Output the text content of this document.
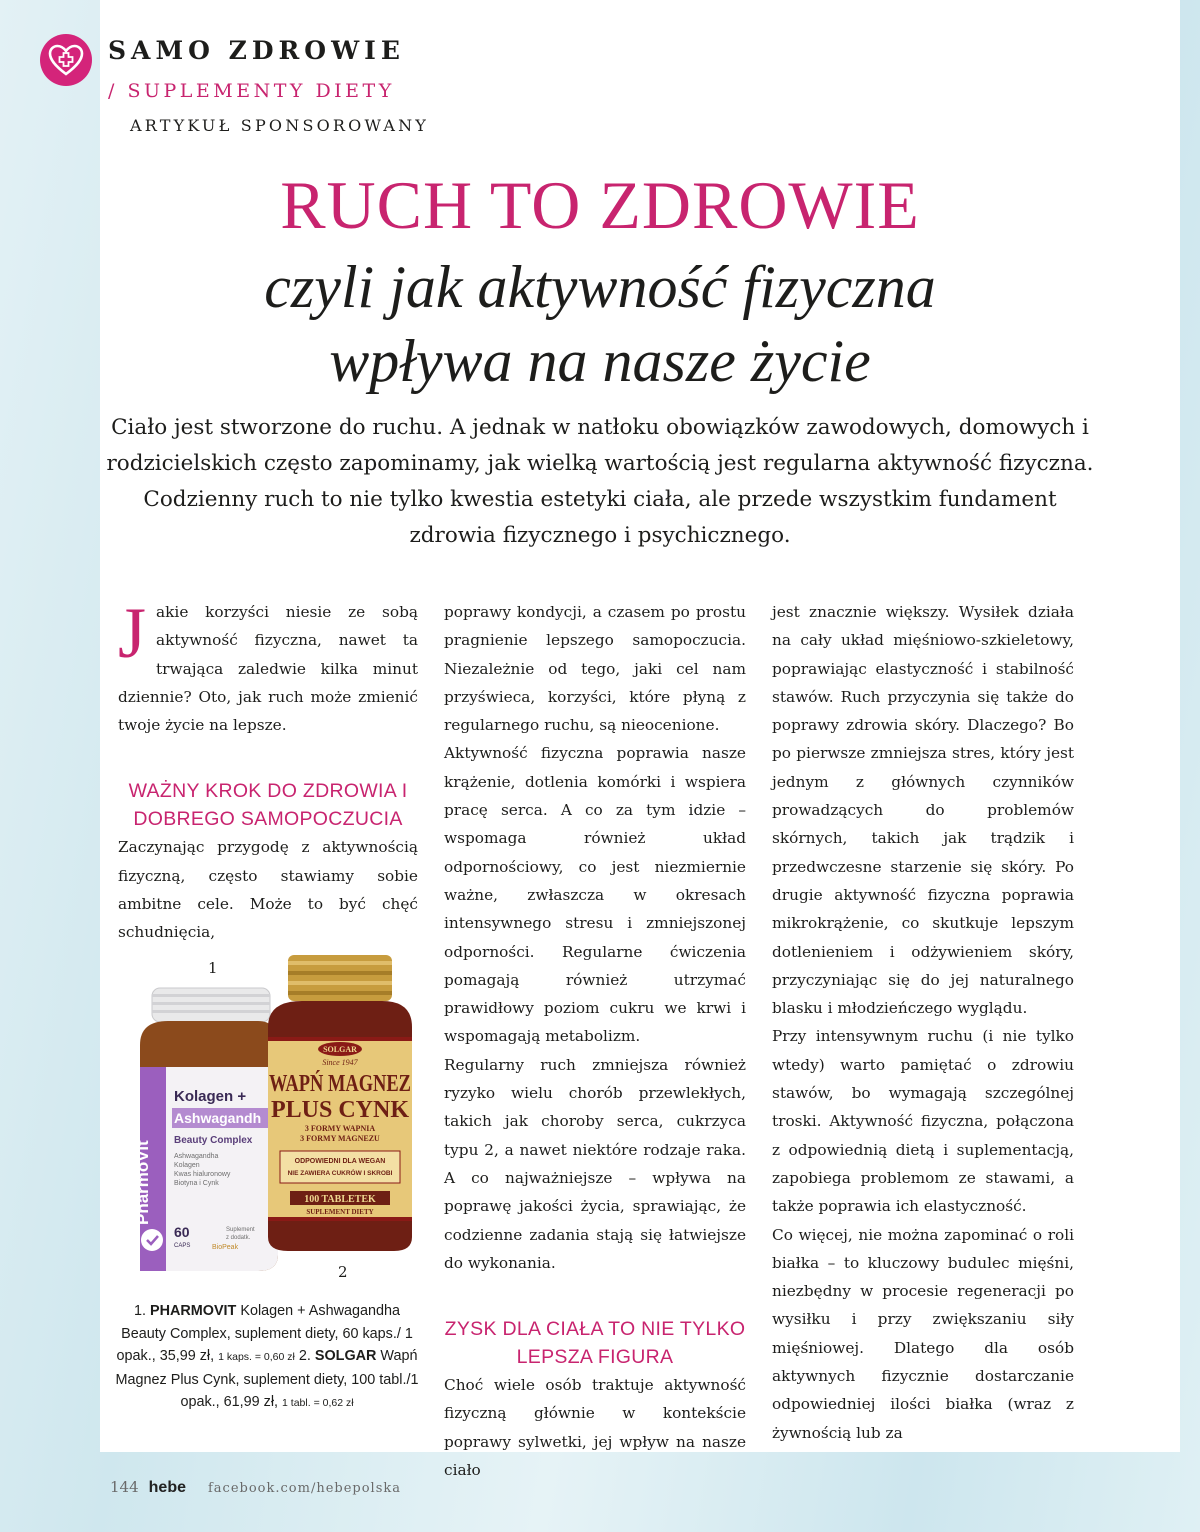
SAMO ZDROWIE
/ SUPLEMENTY DIETY
ARTYKUŁ SPONSOROWANY
RUCH TO ZDROWIE
czyli jak aktywność fizyczna
wpływa na nasze życie
Ciało jest stworzone do ruchu. A jednak w natłoku obowiązków zawodowych, domowych i rodzicielskich często zapominamy, jak wielką wartością jest regularna aktywność fizyczna. Codzienny ruch to nie tylko kwestia estetyki ciała, ale przede wszystkim fundament zdrowia fizycznego i psychicznego.

Jakie korzyści niesie ze sobą aktywność fizyczna, nawet ta trwająca zaledwie kilka minut dziennie? Oto, jak ruch może zmienić twoje życie na lepsze.

WAŻNY KROK DO ZDROWIA I DOBREGO SAMOPOCZUCIA

Zaczynając przygodę z aktywnością fizyczną, często stawiamy sobie ambitne cele. Może to być chęć schudnięcia,

1
2
PharmoVit
Kolagen +
Ashwagandh
Beauty Complex
Ashwagandha
Kolagen
Kwas hialuronowy
Biotyna i Cynk
60
CAPS
Suplement
z dodatk.
BioPeak
SOLGAR
Since 1947
WAPŃ MAGNEZ
PLUS CYNK
3 FORMY WAPNIA
3 FORMY MAGNEZU
ODPOWIEDNI DLA WEGAN
NIE ZAWIERA CUKRÓW I SKROBI
100 TABLETEK
SUPLEMENT DIETY
1. PHARMOVIT Kolagen + Ashwagandha Beauty Complex, suplement diety, 60 kaps./ 1 opak., 35,99 zł, 1 kaps. = 0,60 zł 2. SOLGAR Wapń Magnez Plus Cynk, suplement diety, 100 tabl./1 opak., 61,99 zł, 1 tabl. = 0,62 zł

poprawy kondycji, a czasem po prostu pragnienie lepszego samopoczucia. Niezależnie od tego, jaki cel nam przyświeca, korzyści, które płyną z regularnego ruchu, są nieocenione.

Aktywność fizyczna poprawia nasze krążenie, dotlenia komórki i wspiera pracę serca. A co za tym idzie – wspomaga również układ odpornościowy, co jest niezmiernie ważne, zwłaszcza w okresach intensywnego stresu i zmniejszonej odporności. Regularne ćwiczenia pomagają również utrzymać prawidłowy poziom cukru we krwi i wspomagają metabolizm.

Regularny ruch zmniejsza również ryzyko wielu chorób przewlekłych, takich jak choroby serca, cukrzyca typu 2, a nawet niektóre rodzaje raka. A co najważniejsze – wpływa na poprawę jakości życia, sprawiając, że codzienne zadania stają się łatwiejsze do wykonania.

ZYSK DLA CIAŁA TO NIE TYLKO LEPSZA FIGURA

Choć wiele osób traktuje aktywność fizyczną głównie w kontekście poprawy sylwetki, jej wpływ na nasze ciało

jest znacznie większy. Wysiłek działa na cały układ mięśniowo-szkieletowy, poprawiając elastyczność i stabilność stawów. Ruch przyczynia się także do poprawy zdrowia skóry. Dlaczego? Bo po pierwsze zmniejsza stres, który jest jednym z głównych czynników prowadzących do problemów skórnych, takich jak trądzik i przedwczesne starzenie się skóry. Po drugie aktywność fizyczna poprawia mikrokrążenie, co skutkuje lepszym dotlenieniem i odżywieniem skóry, przyczyniając się do jej naturalnego blasku i młodzieńczego wyglądu.

Przy intensywnym ruchu (i nie tylko wtedy) warto pamiętać o zdrowiu stawów, bo wymagają szczególnej troski. Aktywność fizyczna, połączona z odpowiednią dietą i suplementacją, zapobiega problemom ze stawami, a także poprawia ich elastyczność.

Co więcej, nie można zapominać o roli białka – to kluczowy budulec mięśni, niezbędny w procesie regeneracji po wysiłku i przy zwiększaniu siły mięśniowej. Dlatego dla osób aktywnych fizycznie dostarczanie odpowiedniej ilości białka (wraz z żywnością lub za

144 hebe facebook.com/hebepolska
